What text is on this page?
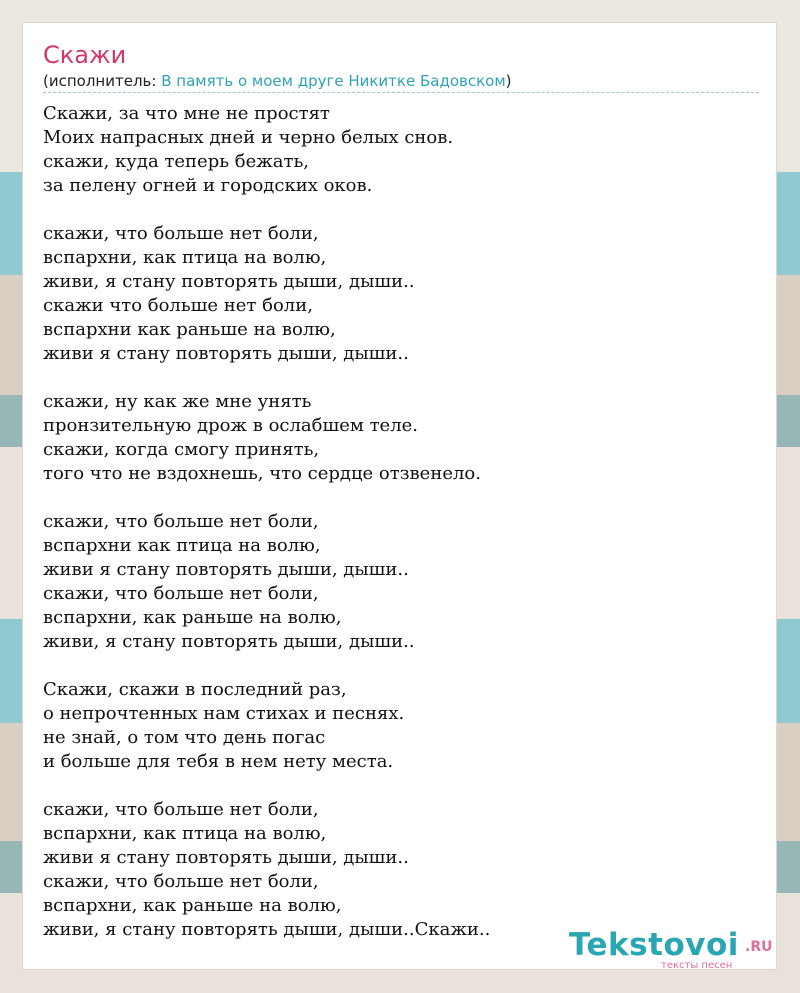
Скажи
(исполнитель: В память о моем друге Никитке Бадовском)
Скажи, за что мне не простят
Моих напрасных дней и черно белых снов.
скажи, куда теперь бежать,
за пелену огней и городских оков.
скажи, что больше нет боли,
вспархни, как птица на волю,
живи, я стану повторять дыши, дыши..
скажи что больше нет боли,
вспархни как раньше на волю,
живи я стану повторять дыши, дыши..
скажи, ну как же мне унять
пронзительную дрож в ослабшем теле.
скажи, когда смогу принять,
того что не вздохнешь, что сердце отзвенело.
скажи, что больше нет боли,
вспархни как птица на волю,
живи я стану повторять дыши, дыши..
скажи, что больше нет боли,
вспархни, как раньше на волю,
живи, я стану повторять дыши, дыши..
Скажи, скажи в последний раз,
о непрочтенных нам стихах и песнях.
не знай, о том что день погас
и больше для тебя в нем нету места.
скажи, что больше нет боли,
вспархни, как птица на волю,
живи я стану повторять дыши, дыши..
скажи, что больше нет боли,
вспархни, как раньше на волю,
живи, я стану повторять дыши, дыши..Скажи..	Tekstovoi .RU
тексты песен
